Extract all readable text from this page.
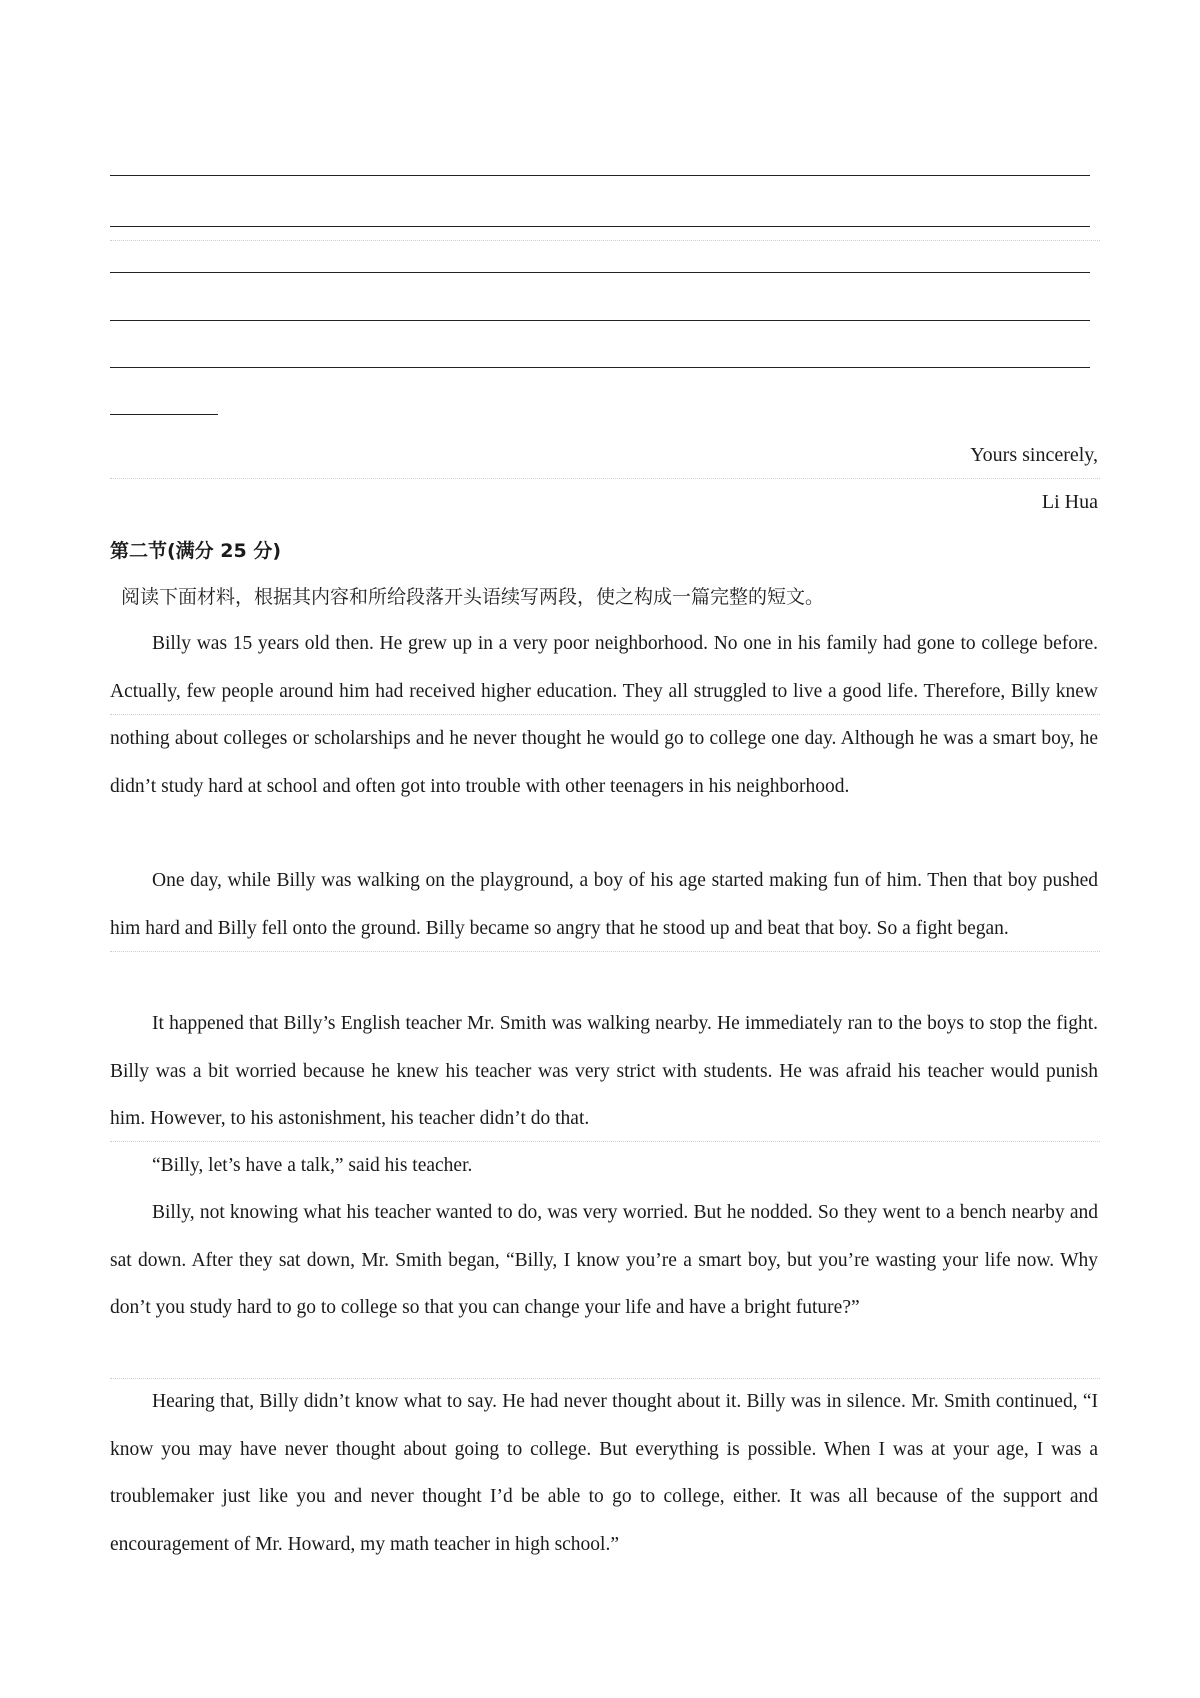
Yours sincerely,
Li Hua
第二节(满分 25 分)
阅读下面材料，根据其内容和所给段落开头语续写两段，使之构成一篇完整的短文。

Billy was 15 years old then. He grew up in a very poor neighborhood. No one in his family had gone to college before. Actually, few people around him had received higher education. They all struggled to live a good life. Therefore, Billy knew nothing about colleges or scholarships and he never thought he would go to college one day. Although he was a smart boy, he didn’t study hard at school and often got into trouble with other teenagers in his neighborhood.

One day, while Billy was walking on the playground, a boy of his age started making fun of him. Then that boy pushed him hard and Billy fell onto the ground. Billy became so angry that he stood up and beat that boy. So a fight began.

It happened that Billy’s English teacher Mr. Smith was walking nearby. He immediately ran to the boys to stop the fight. Billy was a bit worried because he knew his teacher was very strict with students. He was afraid his teacher would punish him. However, to his astonishment, his teacher didn’t do that.

“Billy, let’s have a talk,” said his teacher.

Billy, not knowing what his teacher wanted to do, was very worried. But he nodded. So they went to a bench nearby and sat down. After they sat down, Mr. Smith began, “Billy, I know you’re a smart boy, but you’re wasting your life now. Why don’t you study hard to go to college so that you can change your life and have a bright future?”

Hearing that, Billy didn’t know what to say. He had never thought about it. Billy was in silence. Mr. Smith continued, “I know you may have never thought about going to college. But everything is possible. When I was at your age, I was a troublemaker just like you and never thought I’d be able to go to college, either. It was all because of the support and encouragement of Mr. Howard, my math teacher in high school.”
